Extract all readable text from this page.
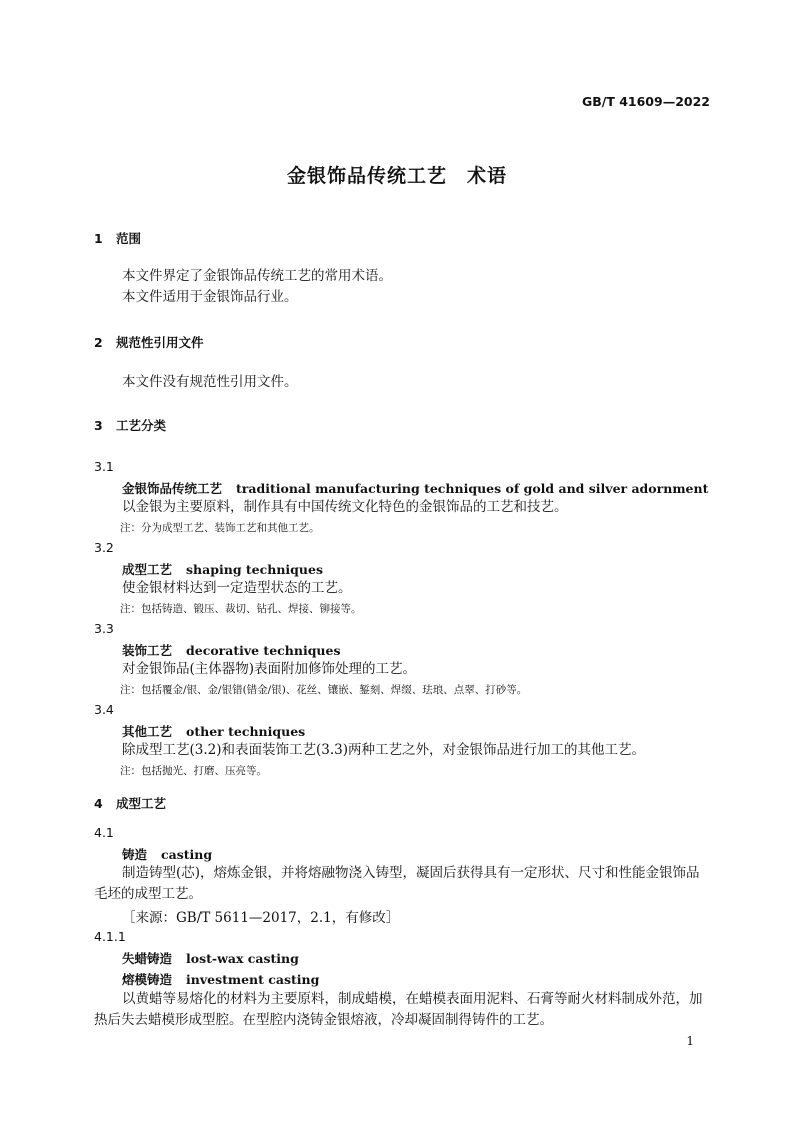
GB/T 41609—2022
金银饰品传统工艺　术语
1 范围
本文件界定了金银饰品传统工艺的常用术语。
本文件适用于金银饰品行业。
2 规范性引用文件
本文件没有规范性引用文件。
3 工艺分类
3.1
金银饰品传统工艺 traditional manufacturing techniques of gold and silver adornment
以金银为主要原料，制作具有中国传统文化特色的金银饰品的工艺和技艺。
注：分为成型工艺、装饰工艺和其他工艺。
3.2
成型工艺 shaping techniques
使金银材料达到一定造型状态的工艺。
注：包括铸造、锻压、裁切、钻孔、焊接、铆接等。
3.3
装饰工艺 decorative techniques
对金银饰品(主体器物)表面附加修饰处理的工艺。
注：包括覆金/银、金/银错(错金/银)、花丝、镶嵌、錾刻、焊缀、珐琅、点翠、打砂等。
3.4
其他工艺 other techniques
除成型工艺(3.2)和表面装饰工艺(3.3)两种工艺之外，对金银饰品进行加工的其他工艺。
注：包括抛光、打磨、压亮等。
4 成型工艺
4.1
铸造 casting
制造铸型(芯)，熔炼金银，并将熔融物浇入铸型，凝固后获得具有一定形状、尺寸和性能金银饰品毛坯的成型工艺。
［来源：GB/T 5611—2017，2.1，有修改］
4.1.1
失蜡铸造 lost-wax casting
熔模铸造 investment casting
以黄蜡等易熔化的材料为主要原料，制成蜡模，在蜡模表面用泥料、石膏等耐火材料制成外范，加热后失去蜡模形成型腔。在型腔内浇铸金银熔液，冷却凝固制得铸件的工艺。
1
